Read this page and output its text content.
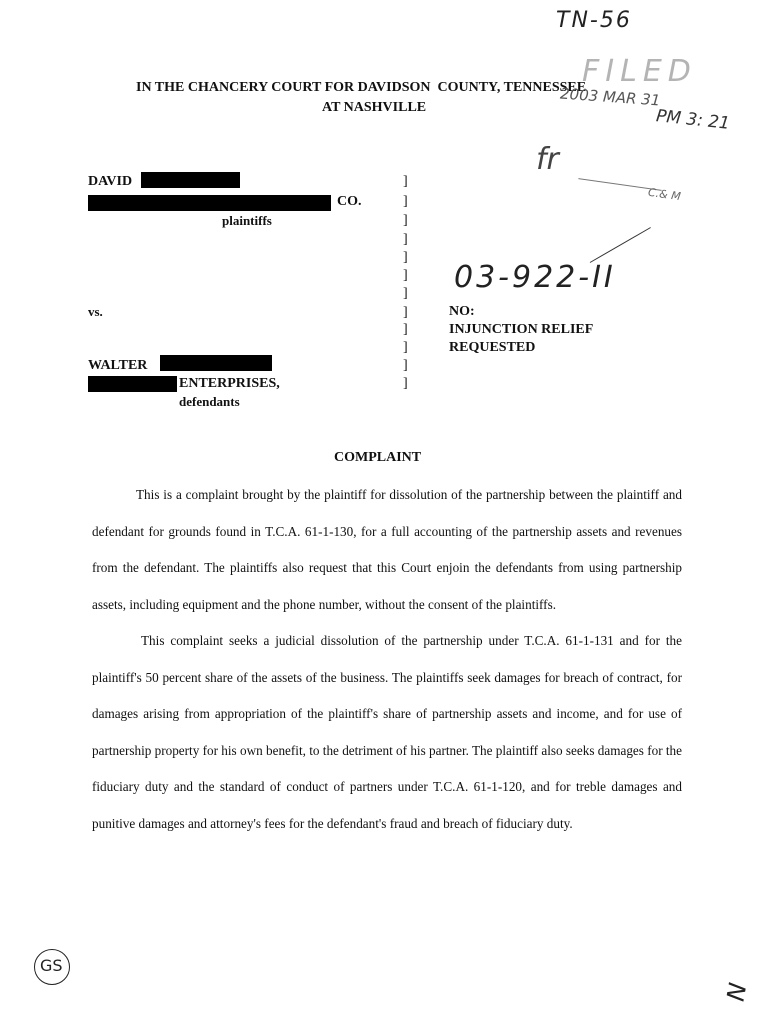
TN-56
IN THE CHANCERY COURT FOR DAVIDSON  COUNTY, TENNESSEE
AT NASHVILLE
FILED
2003 MAR 31
PM 3: 21
fr
C.& M
DAVID
CO.
plaintiffs
]
]
]
]
]
]
]
]
]
]
]
]
03-922-II
vs.	NO:
INJUNCTION RELIEF
REQUESTED
WALTER
ENTERPRISES,
defendants
COMPLAINT

This is a complaint brought by the plaintiff for dissolution of the partnership between the plaintiff and defendant for grounds found in T.C.A. 61-1-130, for a full accounting of the partnership assets and revenues from the defendant. The plaintiffs also request that this Court enjoin the defendants from using partnership assets, including equipment and the phone number, without the consent of the plaintiffs.

This complaint seeks a judicial dissolution of the partnership under T.C.A. 61-1-131 and for the plaintiff's 50 percent share of the assets of the business. The plaintiffs seek damages for breach of contract, for damages arising from appropriation of the plaintiff's share of partnership assets and income, and for use of partnership property for his own benefit, to the detriment of his partner. The plaintiff also seeks damages for the fiduciary duty and the standard of conduct of partners under T.C.A. 61-1-120, and for treble damages and punitive damages and attorney's fees for the defendant's fraud and breach of fiduciary duty.

GS
N
